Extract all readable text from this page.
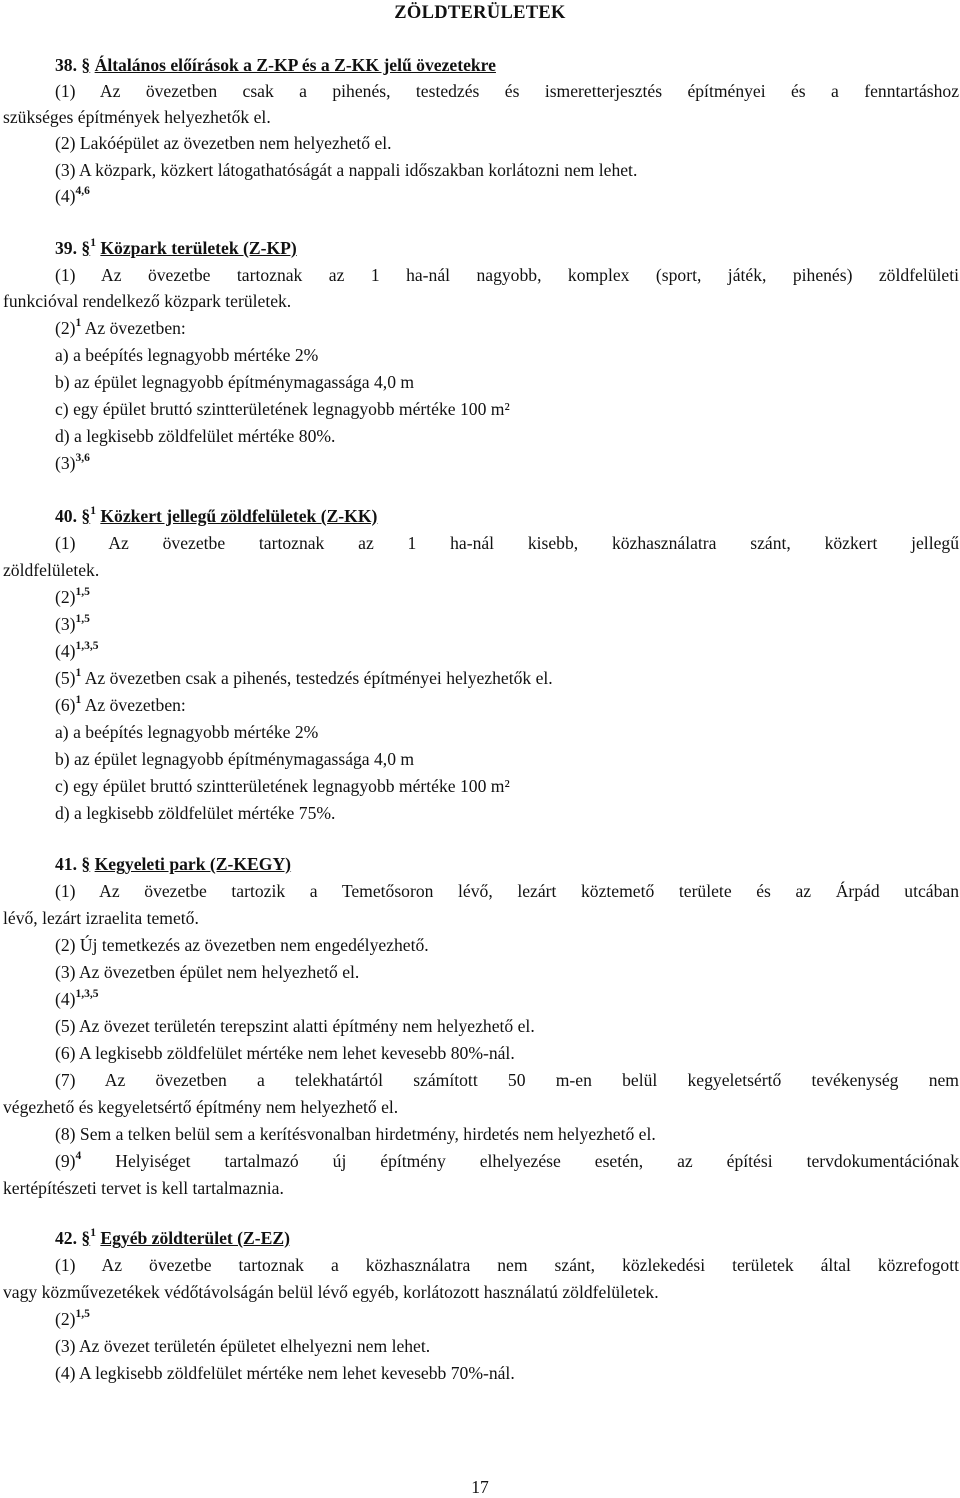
ZÖLDTERÜLETEK
38. § Általános előírások a Z-KP és a Z-KK jelű övezetekre
(1) Az övezetben csak a pihenés, testedzés és ismeretterjesztés építményei és a fenntartáshoz
szükséges építmények helyezhetők el.
(2) Lakóépület az övezetben nem helyezhető el.
(3) A közpark, közkert látogathatóságát a nappali időszakban korlátozni nem lehet.
$(4)^{4,6}$
39. §$^1$ Közpark területek (Z-KP)
(1) Az övezetbe tartoznak az 1 ha-nál nagyobb, komplex (sport, játék, pihenés) zöldfelületi
funkcióval rendelkező közpark területek.
$(2)^1$ Az övezetben:
a) a beépítés legnagyobb mértéke 2%
b) az épület legnagyobb építménymagassága 4,0 m
c) egy épület bruttó szintterületének legnagyobb mértéke 100 m²
d) a legkisebb zöldfelület mértéke 80%.
$(3)^{3,6}$
40. §$^1$ Közkert jellegű zöldfelületek (Z-KK)
(1) Az övezetbe tartoznak az 1 ha-nál kisebb, közhasználatra szánt, közkert jellegű
zöldfelületek.
$(2)^{1,5}$
$(3)^{1,5}$
$(4)^{1,3,5}$
$(5)^1$ Az övezetben csak a pihenés, testedzés építményei helyezhetők el.
$(6)^1$ Az övezetben:
a) a beépítés legnagyobb mértéke 2%
b) az épület legnagyobb építménymagassága 4,0 m
c) egy épület bruttó szintterületének legnagyobb mértéke 100 m²
d) a legkisebb zöldfelület mértéke 75%.
41. § Kegyeleti park (Z-KEGY)
(1) Az övezetbe tartozik a Temetősoron lévő, lezárt köztemető területe és az Árpád utcában
lévő, lezárt izraelita temető.
(2) Új temetkezés az övezetben nem engedélyezhető.
(3) Az övezetben épület nem helyezhető el.
$(4)^{1,3,5}$
(5) Az övezet területén terepszint alatti építmény nem helyezhető el.
(6) A legkisebb zöldfelület mértéke nem lehet kevesebb 80%-nál.
(7) Az övezetben a telekhatártól számított 50 m-en belül kegyeletsértő tevékenység nem
végezhető és kegyeletsértő építmény nem helyezhető el.
(8) Sem a telken belül sem a kerítésvonalban hirdetmény, hirdetés nem helyezhető el.
$(9)^4$ Helyiséget tartalmazó új építmény elhelyezése esetén, az építési tervdokumentációnak
kertépítészeti tervet is kell tartalmaznia.
42. §$^1$ Egyéb zöldterület (Z-EZ)
(1) Az övezetbe tartoznak a közhasználatra nem szánt, közlekedési területek által közrefogott
vagy közművezetékek védőtávolságán belül lévő egyéb, korlátozott használatú zöldfelületek.
$(2)^{1,5}$
(3) Az övezet területén épületet elhelyezni nem lehet.
(4) A legkisebb zöldfelület mértéke nem lehet kevesebb 70%-nál.
17
